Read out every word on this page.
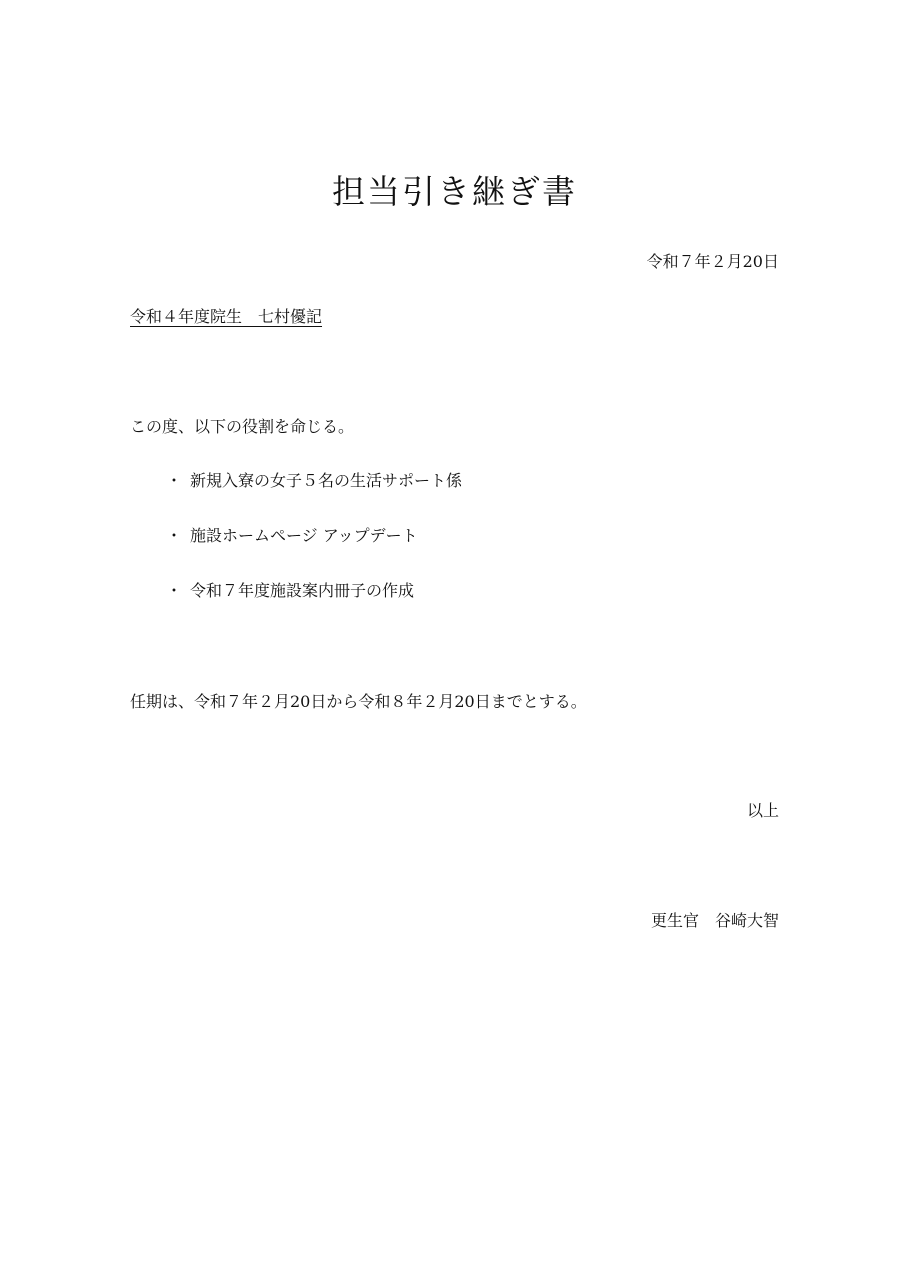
担当引き継ぎ書
令和７年２月20日
令和４年度院生　七村優記
この度、以下の役割を命じる。
・ 新規入寮の女子５名の生活サポート係
・ 施設ホームページ アップデート
・ 令和７年度施設案内冊子の作成
任期は、令和７年２月20日から令和８年２月20日までとする。
以上
更生官　谷崎大智
